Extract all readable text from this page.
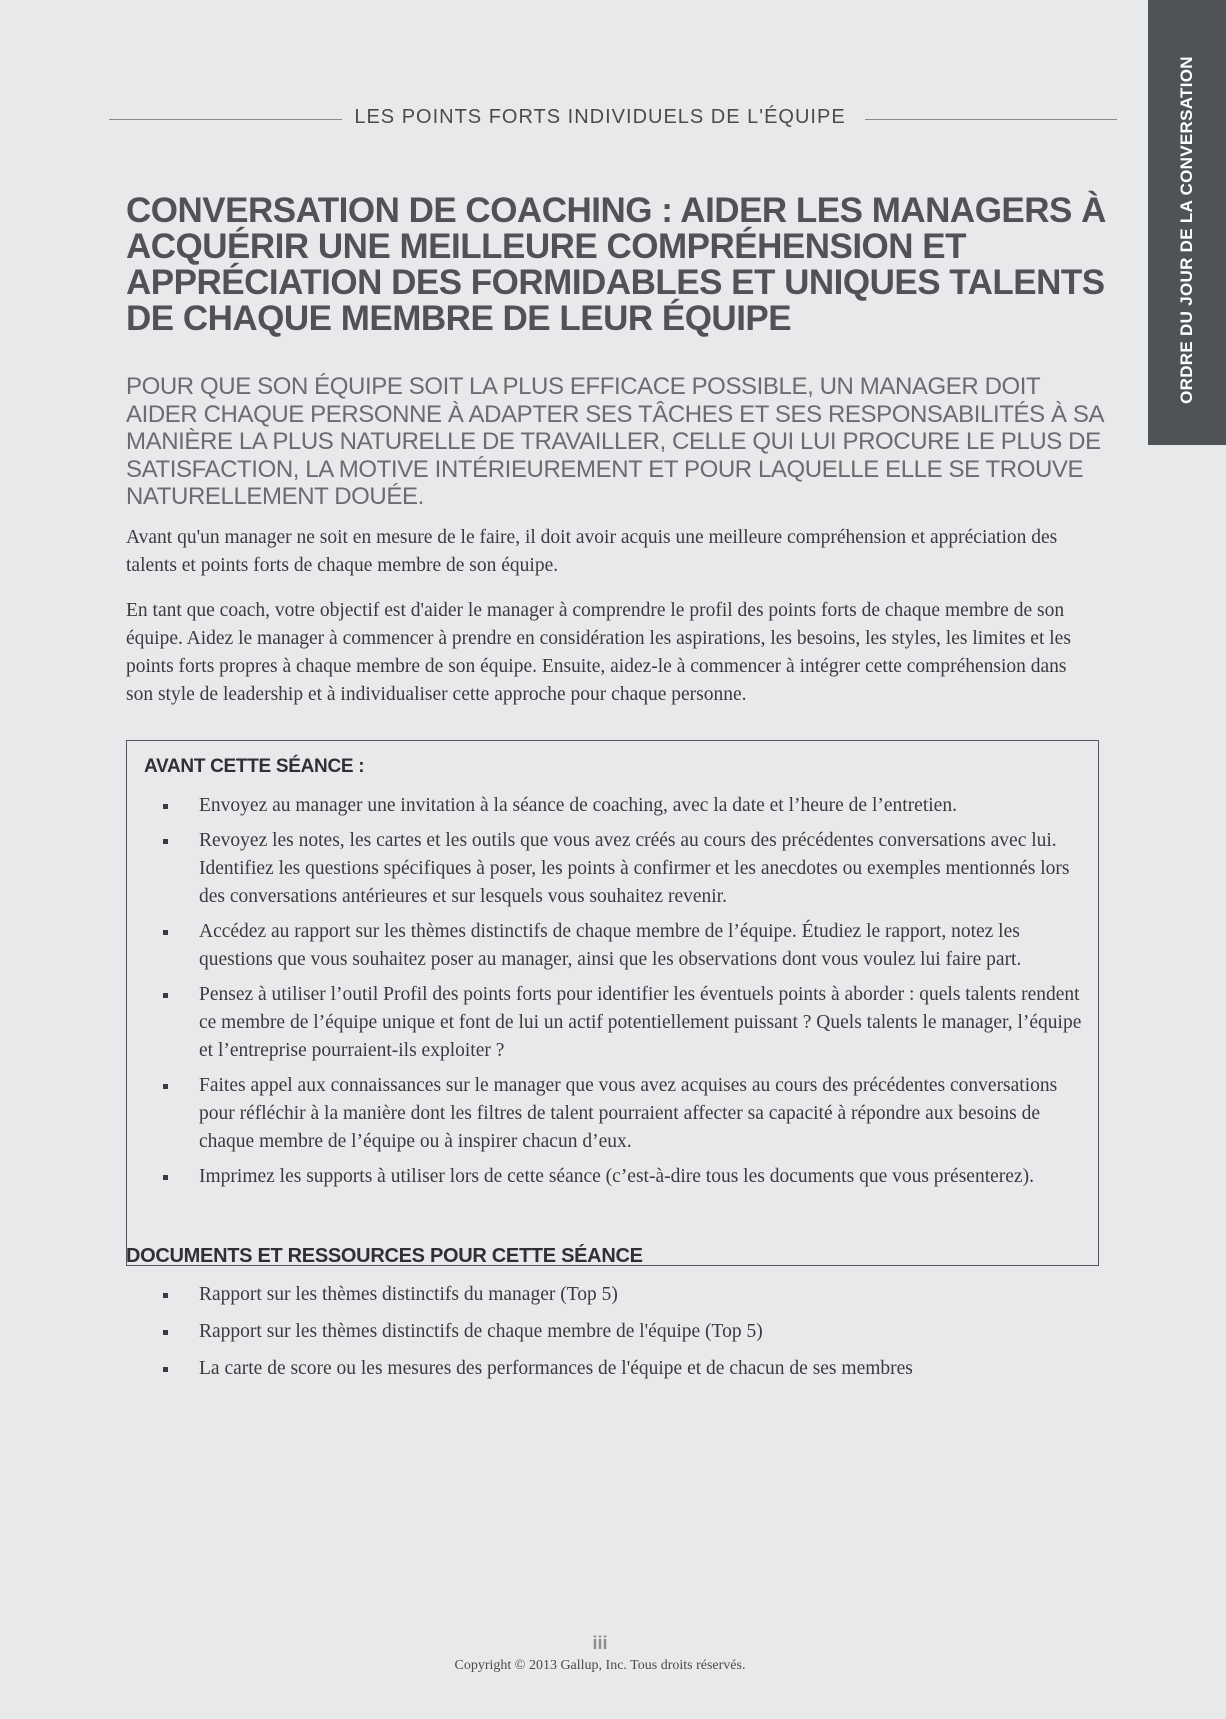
ORDRE DU JOUR DE LA CONVERSATION
LES POINTS FORTS INDIVIDUELS DE L'ÉQUIPE
CONVERSATION DE COACHING : AIDER LES MANAGERS À ACQUÉRIR UNE MEILLEURE COMPRÉHENSION ET APPRÉCIATION DES FORMIDABLES ET UNIQUES TALENTS DE CHAQUE MEMBRE DE LEUR ÉQUIPE

POUR QUE SON ÉQUIPE SOIT LA PLUS EFFICACE POSSIBLE, UN MANAGER DOIT AIDER CHAQUE PERSONNE À ADAPTER SES TÂCHES ET SES RESPONSABILITÉS À SA MANIÈRE LA PLUS NATURELLE DE TRAVAILLER, CELLE QUI LUI PROCURE LE PLUS DE SATISFACTION, LA MOTIVE INTÉRIEUREMENT ET POUR LAQUELLE ELLE SE TROUVE NATURELLEMENT DOUÉE.

Avant qu'un manager ne soit en mesure de le faire, il doit avoir acquis une meilleure compréhension et appréciation des talents et points forts de chaque membre de son équipe.

En tant que coach, votre objectif est d'aider le manager à comprendre le profil des points forts de chaque membre de son équipe. Aidez le manager à commencer à prendre en considération les aspirations, les besoins, les styles, les limites et les points forts propres à chaque membre de son équipe. Ensuite, aidez-le à commencer à intégrer cette compréhension dans son style de leadership et à individualiser cette approche pour chaque personne.

AVANT CETTE SÉANCE :
Envoyez au manager une invitation à la séance de coaching, avec la date et l’heure de l’entretien.
Revoyez les notes, les cartes et les outils que vous avez créés au cours des précédentes conversations avec lui. Identifiez les questions spécifiques à poser, les points à confirmer et les anecdotes ou exemples mentionnés lors des conversations antérieures et sur lesquels vous souhaitez revenir.
Accédez au rapport sur les thèmes distinctifs de chaque membre de l’équipe. Étudiez le rapport, notez les questions que vous souhaitez poser au manager, ainsi que les observations dont vous voulez lui faire part.
Pensez à utiliser l’outil Profil des points forts pour identifier les éventuels points à aborder : quels talents rendent ce membre de l’équipe unique et font de lui un actif potentiellement puissant ? Quels talents le manager, l’équipe et l’entreprise pourraient-ils exploiter ?
Faites appel aux connaissances sur le manager que vous avez acquises au cours des précédentes conversations pour réfléchir à la manière dont les filtres de talent pourraient affecter sa capacité à répondre aux besoins de chaque membre de l’équipe ou à inspirer chacun d’eux.
Imprimez les supports à utiliser lors de cette séance (c’est-à-dire tous les documents que vous présenterez).
DOCUMENTS ET RESSOURCES POUR CETTE SÉANCE
Rapport sur les thèmes distinctifs du manager (Top 5)
Rapport sur les thèmes distinctifs de chaque membre de l'équipe (Top 5)
La carte de score ou les mesures des performances de l'équipe et de chacun de ses membres
iii
Copyright © 2013 Gallup, Inc. Tous droits réservés.
